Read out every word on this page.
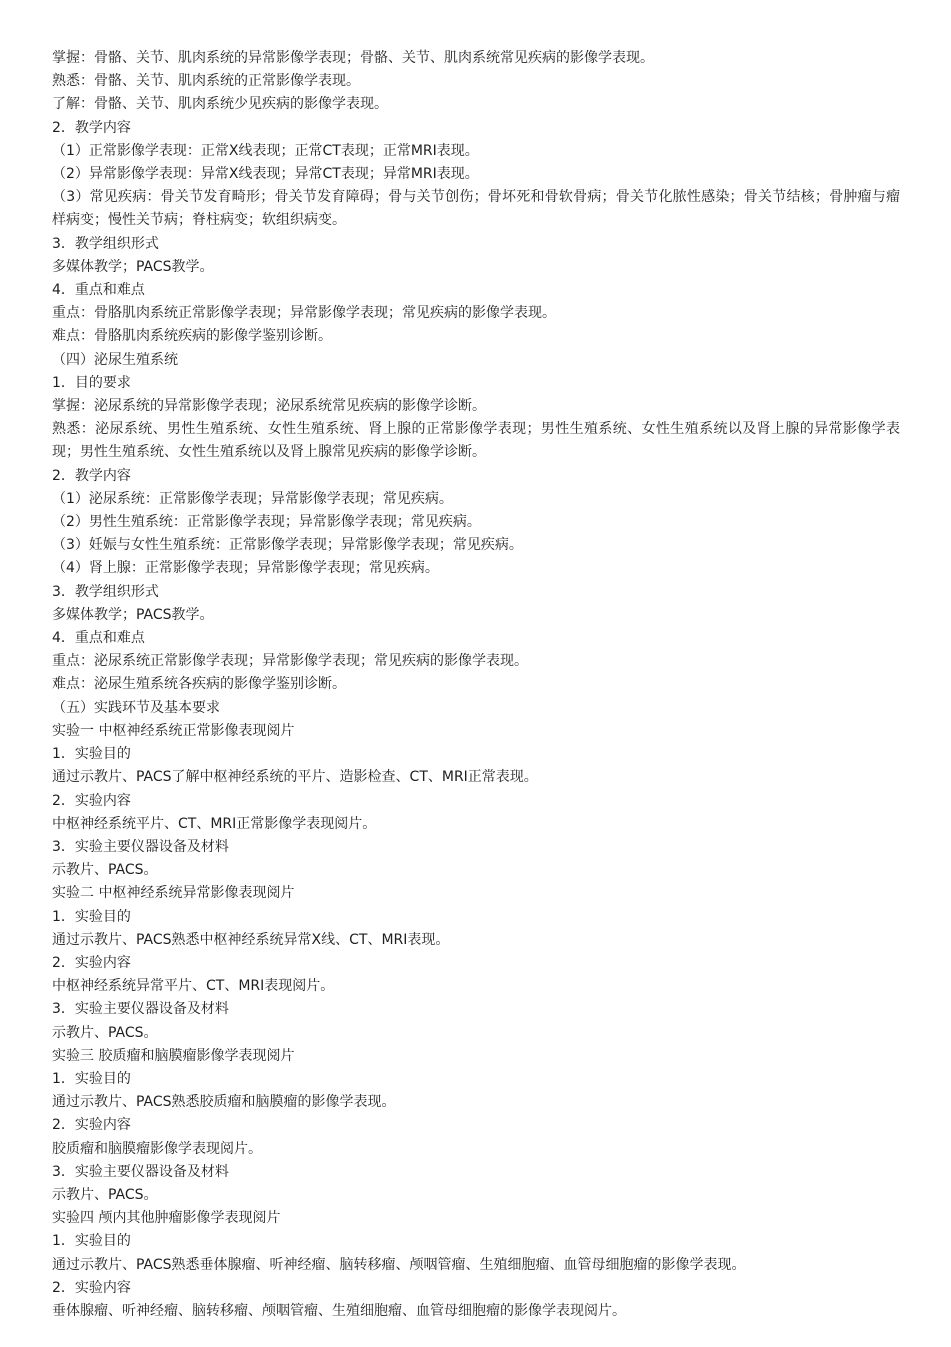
掌握：骨骼、关节、肌肉系统的异常影像学表现；骨骼、关节、肌肉系统常见疾病的影像学表现。

熟悉：骨骼、关节、肌肉系统的正常影像学表现。

了解：骨骼、关节、肌肉系统少见疾病的影像学表现。

2．教学内容

（1）正常影像学表现：正常X线表现；正常CT表现；正常MRI表现。

（2）异常影像学表现：异常X线表现；异常CT表现；异常MRI表现。

（3）常见疾病：骨关节发育畸形；骨关节发育障碍；骨与关节创伤；骨坏死和骨软骨病；骨关节化脓性感染；骨关节结核；骨肿瘤与瘤样病变；慢性关节病；脊柱病变；软组织病变。

3．教学组织形式

多媒体教学；PACS教学。

4．重点和难点

重点：骨胳肌肉系统正常影像学表现；异常影像学表现；常见疾病的影像学表现。

难点：骨胳肌肉系统疾病的影像学鉴别诊断。

（四）泌尿生殖系统

1．目的要求

掌握：泌尿系统的异常影像学表现；泌尿系统常见疾病的影像学诊断。

熟悉：泌尿系统、男性生殖系统、女性生殖系统、肾上腺的正常影像学表现；男性生殖系统、女性生殖系统以及肾上腺的异常影像学表现；男性生殖系统、女性生殖系统以及肾上腺常见疾病的影像学诊断。

2．教学内容

（1）泌尿系统：正常影像学表现；异常影像学表现；常见疾病。

（2）男性生殖系统：正常影像学表现；异常影像学表现；常见疾病。

（3）妊娠与女性生殖系统：正常影像学表现；异常影像学表现；常见疾病。

（4）肾上腺：正常影像学表现；异常影像学表现；常见疾病。

3．教学组织形式

多媒体教学；PACS教学。

4．重点和难点

重点：泌尿系统正常影像学表现；异常影像学表现；常见疾病的影像学表现。

难点：泌尿生殖系统各疾病的影像学鉴别诊断。

（五）实践环节及基本要求

实验一 中枢神经系统正常影像表现阅片

1．实验目的

通过示教片、PACS了解中枢神经系统的平片、造影检查、CT、MRI正常表现。

2．实验内容

中枢神经系统平片、CT、MRI正常影像学表现阅片。

3．实验主要仪器设备及材料

示教片、PACS。

实验二 中枢神经系统异常影像表现阅片

1．实验目的

通过示教片、PACS熟悉中枢神经系统异常X线、CT、MRI表现。

2．实验内容

中枢神经系统异常平片、CT、MRI表现阅片。

3．实验主要仪器设备及材料

示教片、PACS。

实验三 胶质瘤和脑膜瘤影像学表现阅片

1．实验目的

通过示教片、PACS熟悉胶质瘤和脑膜瘤的影像学表现。

2．实验内容

胶质瘤和脑膜瘤影像学表现阅片。

3．实验主要仪器设备及材料

示教片、PACS。

实验四 颅内其他肿瘤影像学表现阅片

1．实验目的

通过示教片、PACS熟悉垂体腺瘤、听神经瘤、脑转移瘤、颅咽管瘤、生殖细胞瘤、血管母细胞瘤的影像学表现。

2．实验内容

垂体腺瘤、听神经瘤、脑转移瘤、颅咽管瘤、生殖细胞瘤、血管母细胞瘤的影像学表现阅片。
